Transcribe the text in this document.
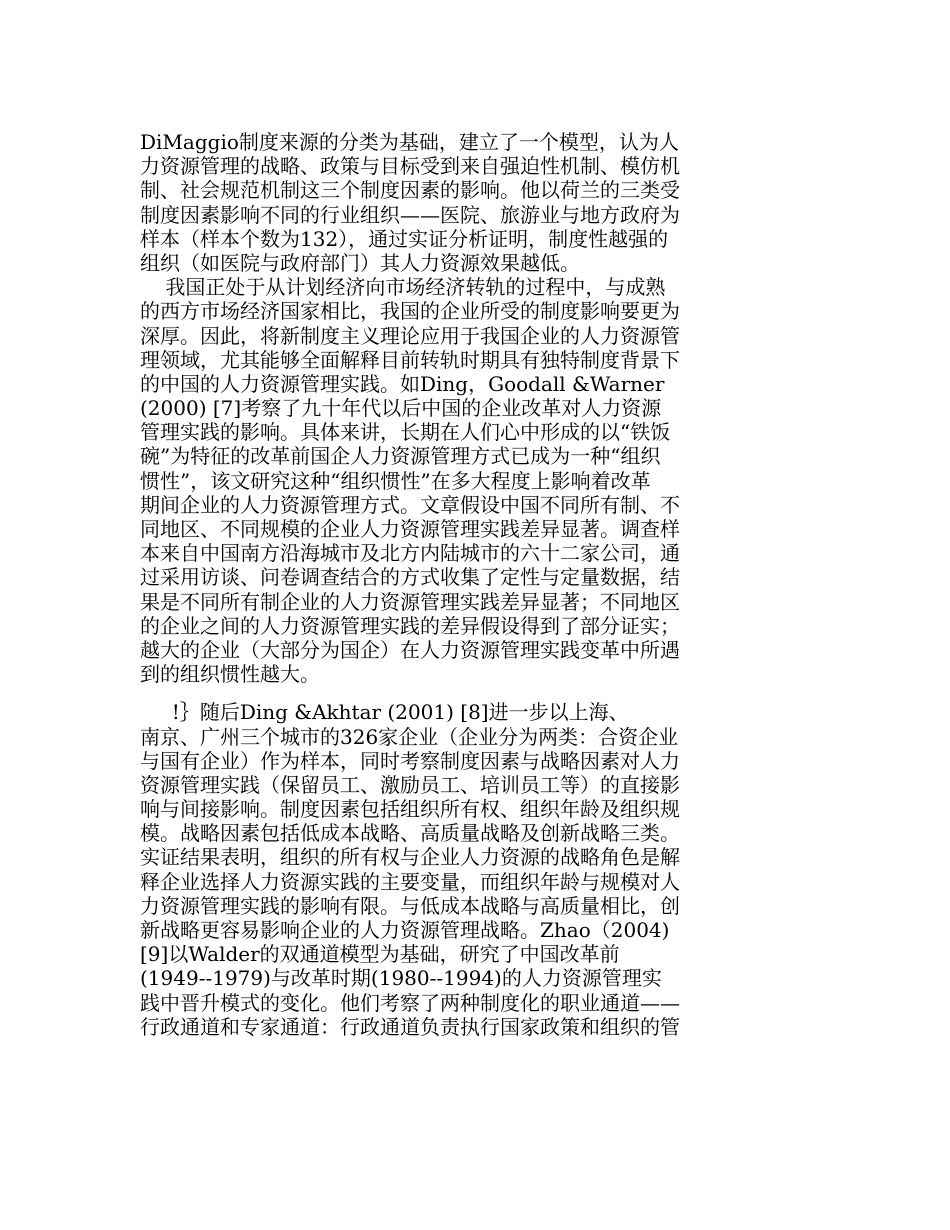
DiMaggio制度来源的分类为基础，建立了一个模型，认为人
力资源管理的战略、政策与目标受到来自强迫性机制、模仿机
制、社会规范机制这三个制度因素的影响。他以荷兰的三类受
制度因素影响不同的行业组织——医院、旅游业与地方政府为
样本（样本个数为132），通过实证分析证明，制度性越强的
组织（如医院与政府部门）其人力资源效果越低。
我国正处于从计划经济向市场经济转轨的过程中，与成熟
的西方市场经济国家相比，我国的企业所受的制度影响要更为
深厚。因此，将新制度主义理论应用于我国企业的人力资源管
理领域，尤其能够全面解释目前转轨时期具有独特制度背景下
的中国的人力资源管理实践。如Ding，Goodall &Warner
(2000) [7]考察了九十年代以后中国的企业改革对人力资源
管理实践的影响。具体来讲，长期在人们心中形成的以“铁饭
碗”为特征的改革前国企人力资源管理方式已成为一种“组织
惯性”，该文研究这种“组织惯性”在多大程度上影响着改革
期间企业的人力资源管理方式。文章假设中国不同所有制、不
同地区、不同规模的企业人力资源管理实践差异显著。调查样
本来自中国南方沿海城市及北方内陆城市的六十二家公司，通
过采用访谈、问卷调查结合的方式收集了定性与定量数据，结
果是不同所有制企业的人力资源管理实践差异显著；不同地区
的企业之间的人力资源管理实践的差异假设得到了部分证实；
越大的企业（大部分为国企）在人力资源管理实践变革中所遇
到的组织惯性越大。
!｝随后Ding &Akhtar (2001) [8]进一步以上海、
南京、广州三个城市的326家企业（企业分为两类：合资企业
与国有企业）作为样本，同时考察制度因素与战略因素对人力
资源管理实践（保留员工、激励员工、培训员工等）的直接影
响与间接影响。制度因素包括组织所有权、组织年龄及组织规
模。战略因素包括低成本战略、高质量战略及创新战略三类。
实证结果表明，组织的所有权与企业人力资源的战略角色是解
释企业选择人力资源实践的主要变量，而组织年龄与规模对人
力资源管理实践的影响有限。与低成本战略与高质量相比，创
新战略更容易影响企业的人力资源管理战略。Zhao（2004)
[9]以Walder的双通道模型为基础，研究了中国改革前
(1949--1979)与改革时期(1980--1994)的人力资源管理实
践中晋升模式的变化。他们考察了两种制度化的职业通道——
行政通道和专家通道：行政通道负责执行国家政策和组织的管
